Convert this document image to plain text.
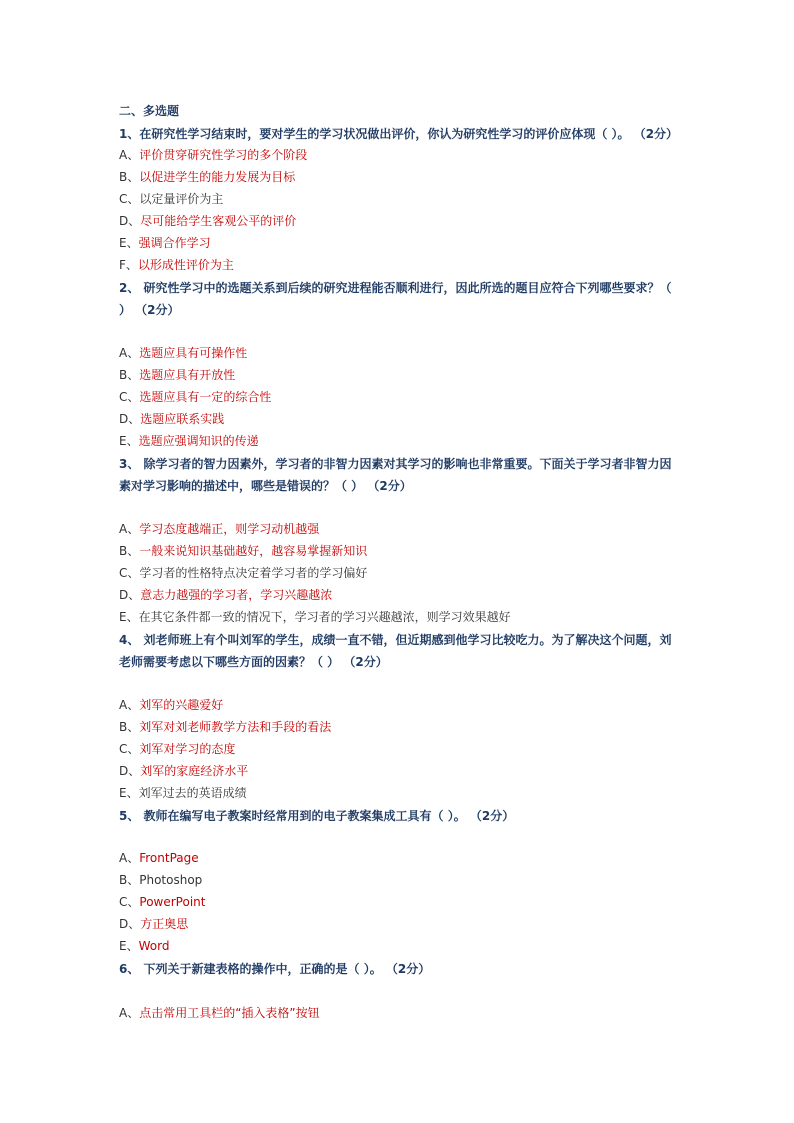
二、多选题
1、在研究性学习结束时，要对学生的学习状况做出评价，你认为研究性学习的评价应体现（ ）。 （2分）
A、评价贯穿研究性学习的多个阶段
B、以促进学生的能力发展为目标
C、以定量评价为主
D、尽可能给学生客观公平的评价
E、强调合作学习
F、以形成性评价为主
2、 研究性学习中的选题关系到后续的研究进程能否顺利进行，因此所选的题目应符合下列哪些要求？（ ） （2分）
A、选题应具有可操作性
B、选题应具有开放性
C、选题应具有一定的综合性
D、选题应联系实践
E、选题应强调知识的传递
3、 除学习者的智力因素外，学习者的非智力因素对其学习的影响也非常重要。下面关于学习者非智力因素对学习影响的描述中，哪些是错误的？（ ） （2分）
A、学习态度越端正，则学习动机越强
B、一般来说知识基础越好，越容易掌握新知识
C、学习者的性格特点决定着学习者的学习偏好
D、意志力越强的学习者，学习兴趣越浓
E、在其它条件都一致的情况下，学习者的学习兴趣越浓，则学习效果越好
4、 刘老师班上有个叫刘军的学生，成绩一直不错，但近期感到他学习比较吃力。为了解决这个问题，刘老师需要考虑以下哪些方面的因素？（ ） （2分）
A、刘军的兴趣爱好
B、刘军对刘老师教学方法和手段的看法
C、刘军对学习的态度
D、刘军的家庭经济水平
E、刘军过去的英语成绩
5、 教师在编写电子教案时经常用到的电子教案集成工具有（ ）。 （2分）
A、FrontPage
B、Photoshop
C、PowerPoint
D、方正奥思
E、Word
6、 下列关于新建表格的操作中，正确的是（ ）。 （2分）
A、点击常用工具栏的“插入表格”按钮
